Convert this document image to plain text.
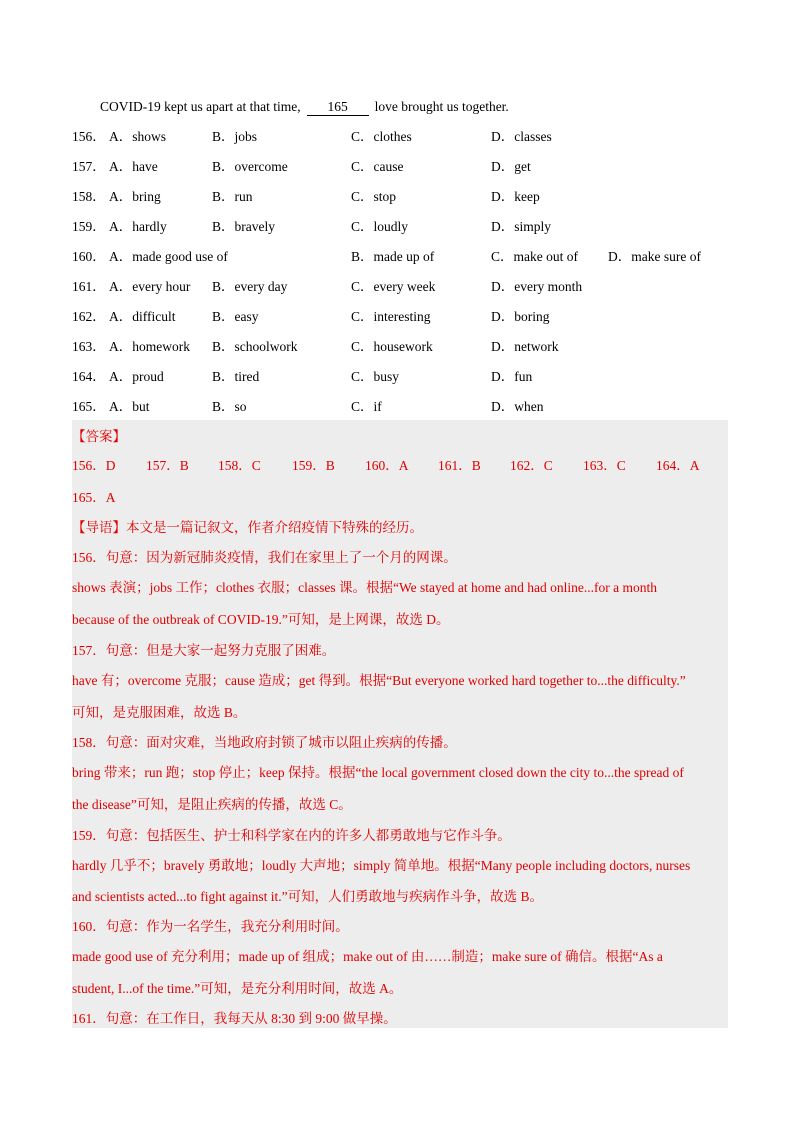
COVID-19 kept us apart at that time, 165 love brought us together.
156． A．shows	B．jobs	C．clothes	D．classes
157． A．have	B．overcome	C．cause	D．get
158． A．bring	B．run	C．stop	D．keep
159． A．hardly	B．bravely	C．loudly	D．simply
160． A．made good use of	B．made up of	C．make out of D．make sure of
161． A．every hour B．every day	C．every week	D．every month
162． A．difficult	B．easy	C．interesting	D．boring
163． A．homework B．schoolwork	C．housework	D．network
164． A．proud	B．tired	C．busy	D．fun
165． A．but	B．so	C．if	D．when
【答案】
156．D 157．B 158．C 159．B 160．A 161．B 162．C 163．C 164．A
165．A
【导语】本文是一篇记叙文，作者介绍疫情下特殊的经历。
156．句意：因为新冠肺炎疫情，我们在家里上了一个月的网课。
shows 表演；jobs 工作；clothes 衣服；classes 课。根据“We stayed at home and had online...for a month
because of the outbreak of COVID-19.”可知，是上网课，故选 D。
157．句意：但是大家一起努力克服了困难。
have 有；overcome 克服；cause 造成；get 得到。根据“But everyone worked hard together to...the difficulty.”
可知，是克服困难，故选 B。
158．句意：面对灾难，当地政府封锁了城市以阻止疾病的传播。
bring 带来；run 跑；stop 停止；keep 保持。根据“the local government closed down the city to...the spread of
the disease”可知，是阻止疾病的传播，故选 C。
159．句意：包括医生、护士和科学家在内的许多人都勇敢地与它作斗争。
hardly 几乎不；bravely 勇敢地；loudly 大声地；simply 简单地。根据“Many people including doctors, nurses
and scientists acted...to fight against it.”可知，人们勇敢地与疾病作斗争，故选 B。
160．句意：作为一名学生，我充分利用时间。
made good use of 充分利用；made up of 组成；make out of 由……制造；make sure of 确信。根据“As a
student, I...of the time.”可知，是充分利用时间，故选 A。
161．句意：在工作日，我每天从 8:30 到 9:00 做早操。
